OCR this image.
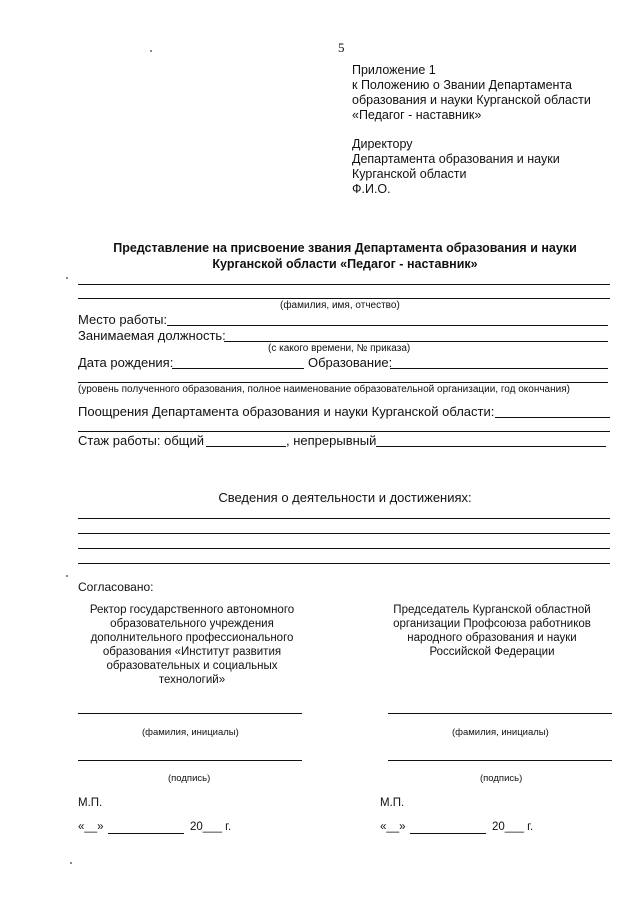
5
Приложение 1
к Положению о Звании Департамента
образования и науки Курганской области
«Педагог - наставник»
Директору
Департамента образования и науки
Курганской области
Ф.И.О.
Представление на присвоение звания Департамента образования и науки
Курганской области «Педагог - наставник»
(фамилия, имя, отчество)
Место работы:
Занимаемая должность:
(с какого времени, № приказа)
Дата рождения:	Образование:
(уровень полученного образования, полное наименование образовательной организации, год окончания)
Поощрения Департамента образования и науки Курганской области:
Стаж работы: общий	, непрерывный
Сведения о деятельности и достижениях:
Согласовано:
Ректор государственного автономного
образовательного учреждения
дополнительного профессионального
образования «Институт развития
образовательных и социальных
технологий»
(фамилия, инициалы)
(подпись)
М.П.
«__»	20___ г.
Председатель Курганской областной
организации Профсоюза работников
народного образования и науки
Российской Федерации
(фамилия, инициалы)
(подпись)
М.П.
«__»	20___ г.
